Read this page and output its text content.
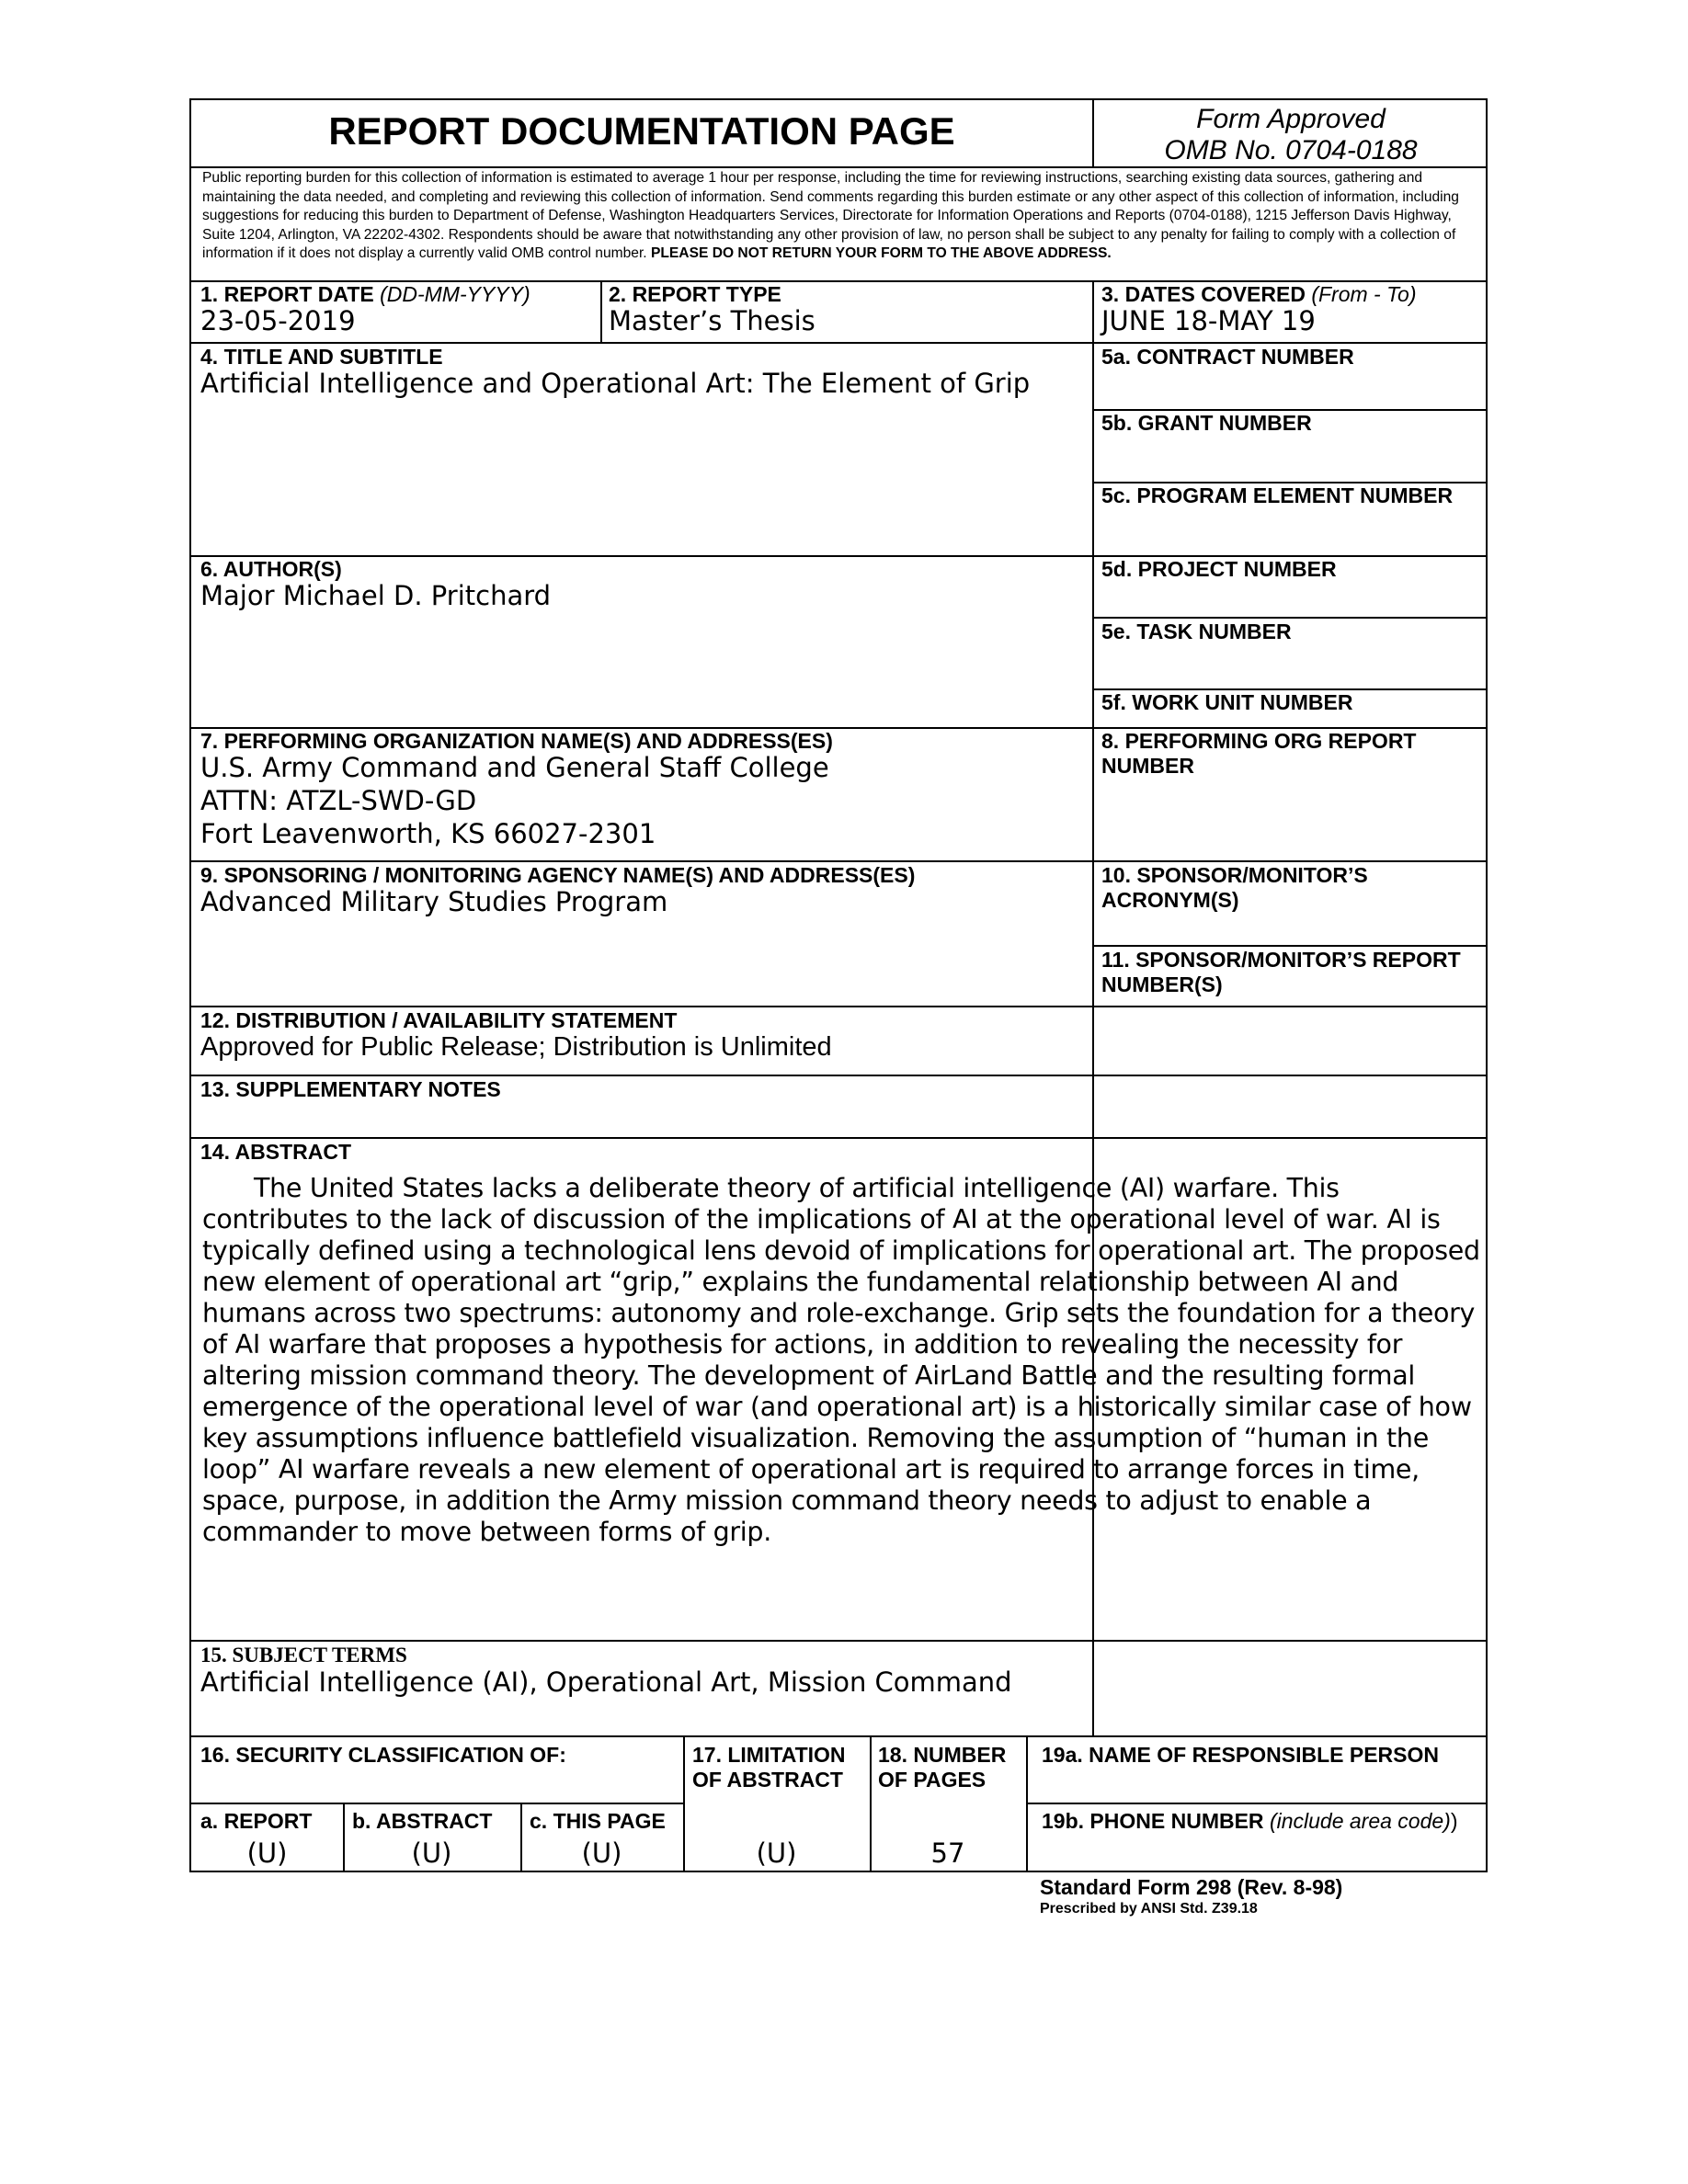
REPORT DOCUMENTATION PAGE	Form Approved
OMB No. 0704-0188
Public reporting burden for this collection of information is estimated to average 1 hour per response, including the time for reviewing instructions, searching existing data sources, gathering and maintaining the data needed, and completing and reviewing this collection of information. Send comments regarding this burden estimate or any other aspect of this collection of information, including suggestions for reducing this burden to Department of Defense, Washington Headquarters Services, Directorate for Information Operations and Reports (0704-0188), 1215 Jefferson Davis Highway, Suite 1204, Arlington, VA 22202-4302. Respondents should be aware that notwithstanding any other provision of law, no person shall be subject to any penalty for failing to comply with a collection of information if it does not display a currently valid OMB control number. PLEASE DO NOT RETURN YOUR FORM TO THE ABOVE ADDRESS.
1. REPORT DATE (DD-MM-YYYY)
23-05-2019
2. REPORT TYPE
Master’s Thesis
3. DATES COVERED (From - To)
JUNE 18-MAY 19
4. TITLE AND SUBTITLE
Artificial Intelligence and Operational Art: The Element of Grip
5a. CONTRACT NUMBER
5b. GRANT NUMBER
5c. PROGRAM ELEMENT NUMBER
6. AUTHOR(S)
Major Michael D. Pritchard
5d. PROJECT NUMBER
5e. TASK NUMBER
5f. WORK UNIT NUMBER
7. PERFORMING ORGANIZATION NAME(S) AND ADDRESS(ES)
U.S. Army Command and General Staff College
ATTN: ATZL-SWD-GD
Fort Leavenworth, KS 66027-2301
8. PERFORMING ORG REPORT
NUMBER
9. SPONSORING / MONITORING AGENCY NAME(S) AND ADDRESS(ES)
Advanced Military Studies Program
10. SPONSOR/MONITOR’S
ACRONYM(S)
11. SPONSOR/MONITOR’S REPORT
NUMBER(S)
12. DISTRIBUTION / AVAILABILITY STATEMENT
Approved for Public Release; Distribution is Unlimited
13. SUPPLEMENTARY NOTES
14. ABSTRACT
The United States lacks a deliberate theory of artificial intelligence (AI) warfare. This contributes to the lack of discussion of the implications of AI at the operational level of war. AI is typically defined using a technological lens devoid of implications for operational art. The proposed new element of operational art “grip,” explains the fundamental relationship between AI and humans across two spectrums: autonomy and role-exchange. Grip sets the foundation for a theory of AI warfare that proposes a hypothesis for actions, in addition to revealing the necessity for altering mission command theory. The development of AirLand Battle and the resulting formal emergence of the operational level of war (and operational art) is a historically similar case of how key assumptions influence battlefield visualization. Removing the assumption of “human in the loop” AI warfare reveals a new element of operational art is required to arrange forces in time, space, purpose, in addition the Army mission command theory needs to adjust to enable a commander to move between forms of grip.
15. SUBJECT TERMS
Artificial Intelligence (AI), Operational Art, Mission Command
16. SECURITY CLASSIFICATION OF:	17. LIMITATION
OF ABSTRACT
18. NUMBER
OF PAGES
19a. NAME OF RESPONSIBLE PERSON
a. REPORT b. ABSTRACT c. THIS PAGE	19b. PHONE NUMBER (include area code))
(U)	(U)	(U)	(U)	57
Standard Form 298 (Rev. 8-98)
Prescribed by ANSI Std. Z39.18
